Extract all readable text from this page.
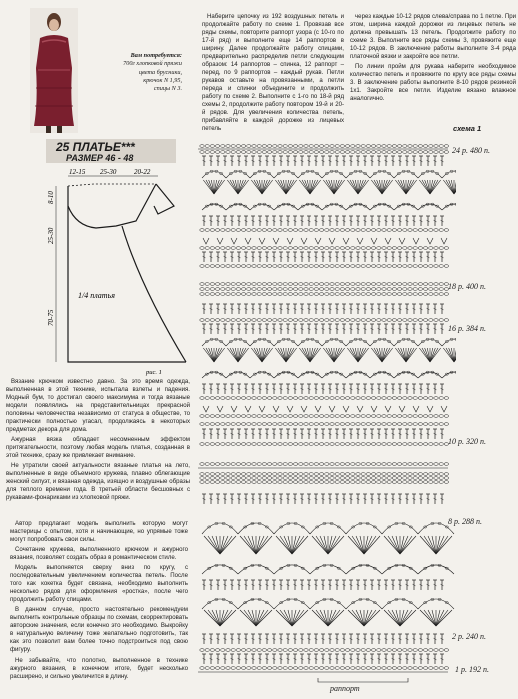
Вам потребуется:
700г хлопковой пряжи
цвета брусники,
крючок N 1,95,
спицы N 3.
25 ПЛАТЬЕ***
РАЗМЕР 46 - 48
12-15 25-30	20-22
8-10
25-30
70-75
1/4 платья
рис. 1

Вязание крючком известно давно. За это время одежда, выполненная в этой технике, испытала взлеты и падения. Модный бум, то достигал своего максимума и тогда вязаные модели появлялись на представительницах прекрасной половины человечества независимо от статуса в обществе, то практически полностью угасал, продолжаясь в некоторых предметах декора для дома.

Ажурная вязка обладает несомненным эффектом притягательности, поэтому любая модель платья, созданная в этой технике, сразу же привлекает внимание.

Не утратили своей актуальности вязаные платья на лето, выполненные в виде объемного кружева, плавно облегающие женский силуэт, и вязаная одежда, изящно и воздушные образы для теплого времени года. В третьей области бесшовных с рукавами-фонариками из хлопковой пряжи.

Автор предлагает модель выполнить которую могут мастерицы с опытом, хотя и начинающие, но упрямые тоже могут попробовать свои силы.

Сочетание кружева, выполненного крючком и ажурного вязания, позволяет создать образ в романтическом стиле.

Модель выполняется сверху вниз по кругу, с последовательным увеличением количества петель. После того как кокетка будет связана, необходимо выполнить несколько рядов для оформления «ростка», после чего продолжить работу спицами.

В данном случае, просто настоятельно рекомендуем выполнить контрольные образцы по схемам, скорректировать авторские значения, если конечно это необходимо. Выкройку в натуральную величину тоже желательно подготовить, так как это позволит вам более точно подстроиться под свою фигуру.

Не забывайте, что полотно, выполненное в технике ажурного вязания, в конечном итоге, будет несколько расширено, и сильно увеличится в длину.

Наберите цепочку из 192 воздушных петель и продолжайте работу по схеме 1. Провязав все ряды схемы, повторите раппорт узора (с 10-го по 17-й ряд) и выполните еще 14 раппортов в ширину. Далее продолжайте работу спицами, предварительно распределив петли следующим образом: 14 раппортов – спинка, 12 раппорт – перед, по 9 раппортов – каждый рукав. Петли рукавов оставьте на провязанными, а петли переда и спинки объедините и продолжить работу по схеме 2. Выполните с 1-го по 18-й ряд схемы 2, продолжите работу повтором 19-й и 20-й рядов. Для увеличения количества петель, прибавляйте в каждой дорожке из лицевых петель

через каждые 10-12 рядов слева/справа по 1 петле. При этом, ширина каждой дорожки из лицевых петель не должна превышать 13 петель. Продолжите работу по схеме 3. Выполните все ряды схемы 3, провяжите еще 10-12 рядов. В заключение работы выполните 3-4 ряда платочной вязки и закройте все петли.

По линии пройм для рукава наберите необходимое количество петель и провяжите по кругу все ряды схемы 3. В заключение работы выполните 8-10 рядов резинкой 1х1. Закройте все петли. Изделие вязано влажное аналогично.

схема 1
24 р. 480 п.
18 р. 400 п.
16 р. 384 п.
10 р. 320 п.
8 р. 288 п.
2 р. 240 п.
1 р. 192 п.
раппорт
